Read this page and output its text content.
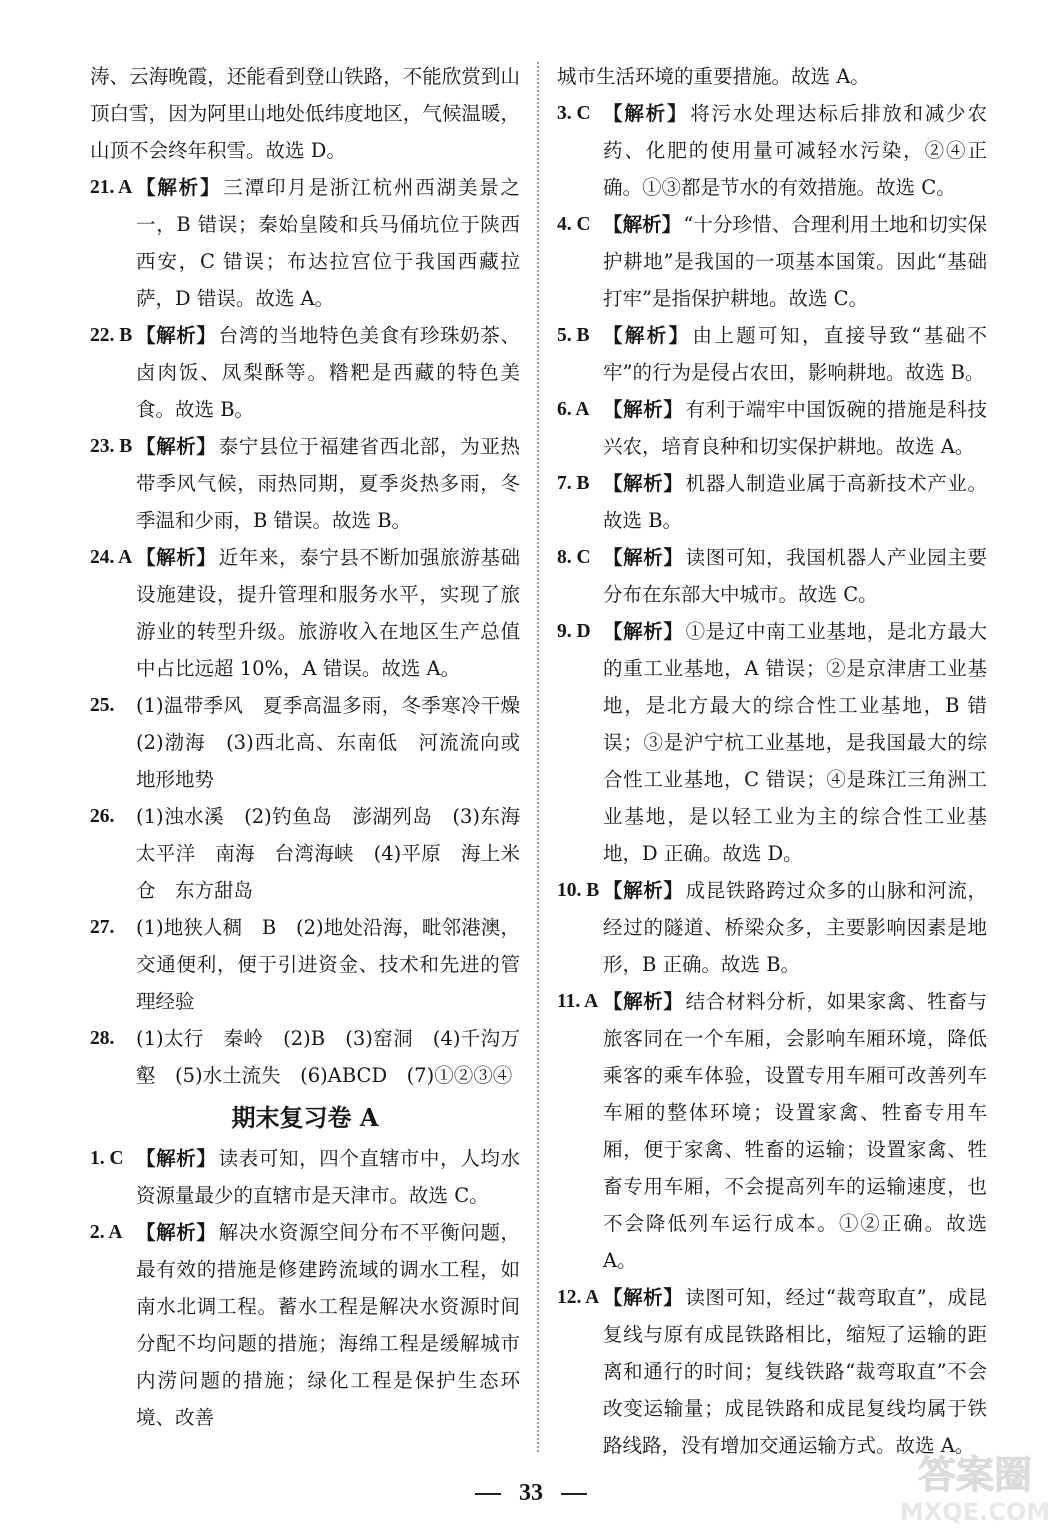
涛、云海晚霞，还能看到登山铁路，不能欣赏到山顶白雪，因为阿里山地处低纬度地区，气候温暖，山顶不会终年积雪。故选 D。

21. A 【解析】 三潭印月是浙江杭州西湖美景之一，B 错误；秦始皇陵和兵马俑坑位于陕西西安，C 错误；布达拉宫位于我国西藏拉萨，D 错误。故选 A。

22. B 【解析】 台湾的当地特色美食有珍珠奶茶、卤肉饭、凤梨酥等。糌粑是西藏的特色美食。故选 B。

23. B 【解析】 泰宁县位于福建省西北部，为亚热带季风气候，雨热同期，夏季炎热多雨，冬季温和少雨，B 错误。故选 B。

24. A 【解析】 近年来，泰宁县不断加强旅游基础设施建设，提升管理和服务水平，实现了旅游业的转型升级。旅游收入在地区生产总值中占比远超 10%，A 错误。故选 A。

25. (1)温带季风　夏季高温多雨，冬季寒冷干燥　(2)渤海　(3)西北高、东南低　河流流向或地形地势

26. (1)浊水溪　(2)钓鱼岛　澎湖列岛　(3)东海　太平洋　南海　台湾海峡　(4)平原　海上米仓　东方甜岛

27. (1)地狭人稠　B　(2)地处沿海，毗邻港澳，交通便利，便于引进资金、技术和先进的管理经验

28. (1)太行　秦岭　(2)B　(3)窑洞　(4)千沟万壑　(5)水土流失　(6)ABCD　(7)①②③④

期末复习卷 A

1. C 【解析】 读表可知，四个直辖市中，人均水资源量最少的直辖市是天津市。故选 C。

2. A 【解析】 解决水资源空间分布不平衡问题，最有效的措施是修建跨流域的调水工程，如南水北调工程。蓄水工程是解决水资源时间分配不均问题的措施；海绵工程是缓解城市内涝问题的措施；绿化工程是保护生态环境、改善

城市生活环境的重要措施。故选 A。

3. C 【解析】 将污水处理达标后排放和减少农药、化肥的使用量可减轻水污染，②④正确。①③都是节水的有效措施。故选 C。

4. C 【解析】 “十分珍惜、合理利用土地和切实保护耕地”是我国的一项基本国策。因此“基础打牢”是指保护耕地。故选 C。

5. B 【解析】 由上题可知，直接导致“基础不牢”的行为是侵占农田，影响耕地。故选 B。

6. A 【解析】 有利于端牢中国饭碗的措施是科技兴农，培育良种和切实保护耕地。故选 A。

7. B 【解析】 机器人制造业属于高新技术产业。故选 B。

8. C 【解析】 读图可知，我国机器人产业园主要分布在东部大中城市。故选 C。

9. D 【解析】 ①是辽中南工业基地，是北方最大的重工业基地，A 错误；②是京津唐工业基地，是北方最大的综合性工业基地，B 错误；③是沪宁杭工业基地，是我国最大的综合性工业基地，C 错误；④是珠江三角洲工业基地，是以轻工业为主的综合性工业基地，D 正确。故选 D。

10. B 【解析】 成昆铁路跨过众多的山脉和河流，经过的隧道、桥梁众多，主要影响因素是地形，B 正确。故选 B。

11. A 【解析】 结合材料分析，如果家禽、牲畜与旅客同在一个车厢，会影响车厢环境，降低乘客的乘车体验，设置专用车厢可改善列车车厢的整体环境；设置家禽、牲畜专用车厢，便于家禽、牲畜的运输；设置家禽、牲畜专用车厢，不会提高列车的运输速度，也不会降低列车运行成本。①②正确。故选 A。

12. A 【解析】 读图可知，经过“裁弯取直”，成昆复线与原有成昆铁路相比，缩短了运输的距离和通行的时间；复线铁路“裁弯取直”不会改变运输量；成昆铁路和成昆复线均属于铁路线路，没有增加交通运输方式。故选 A。

33	答案圈
MXQE.COM
